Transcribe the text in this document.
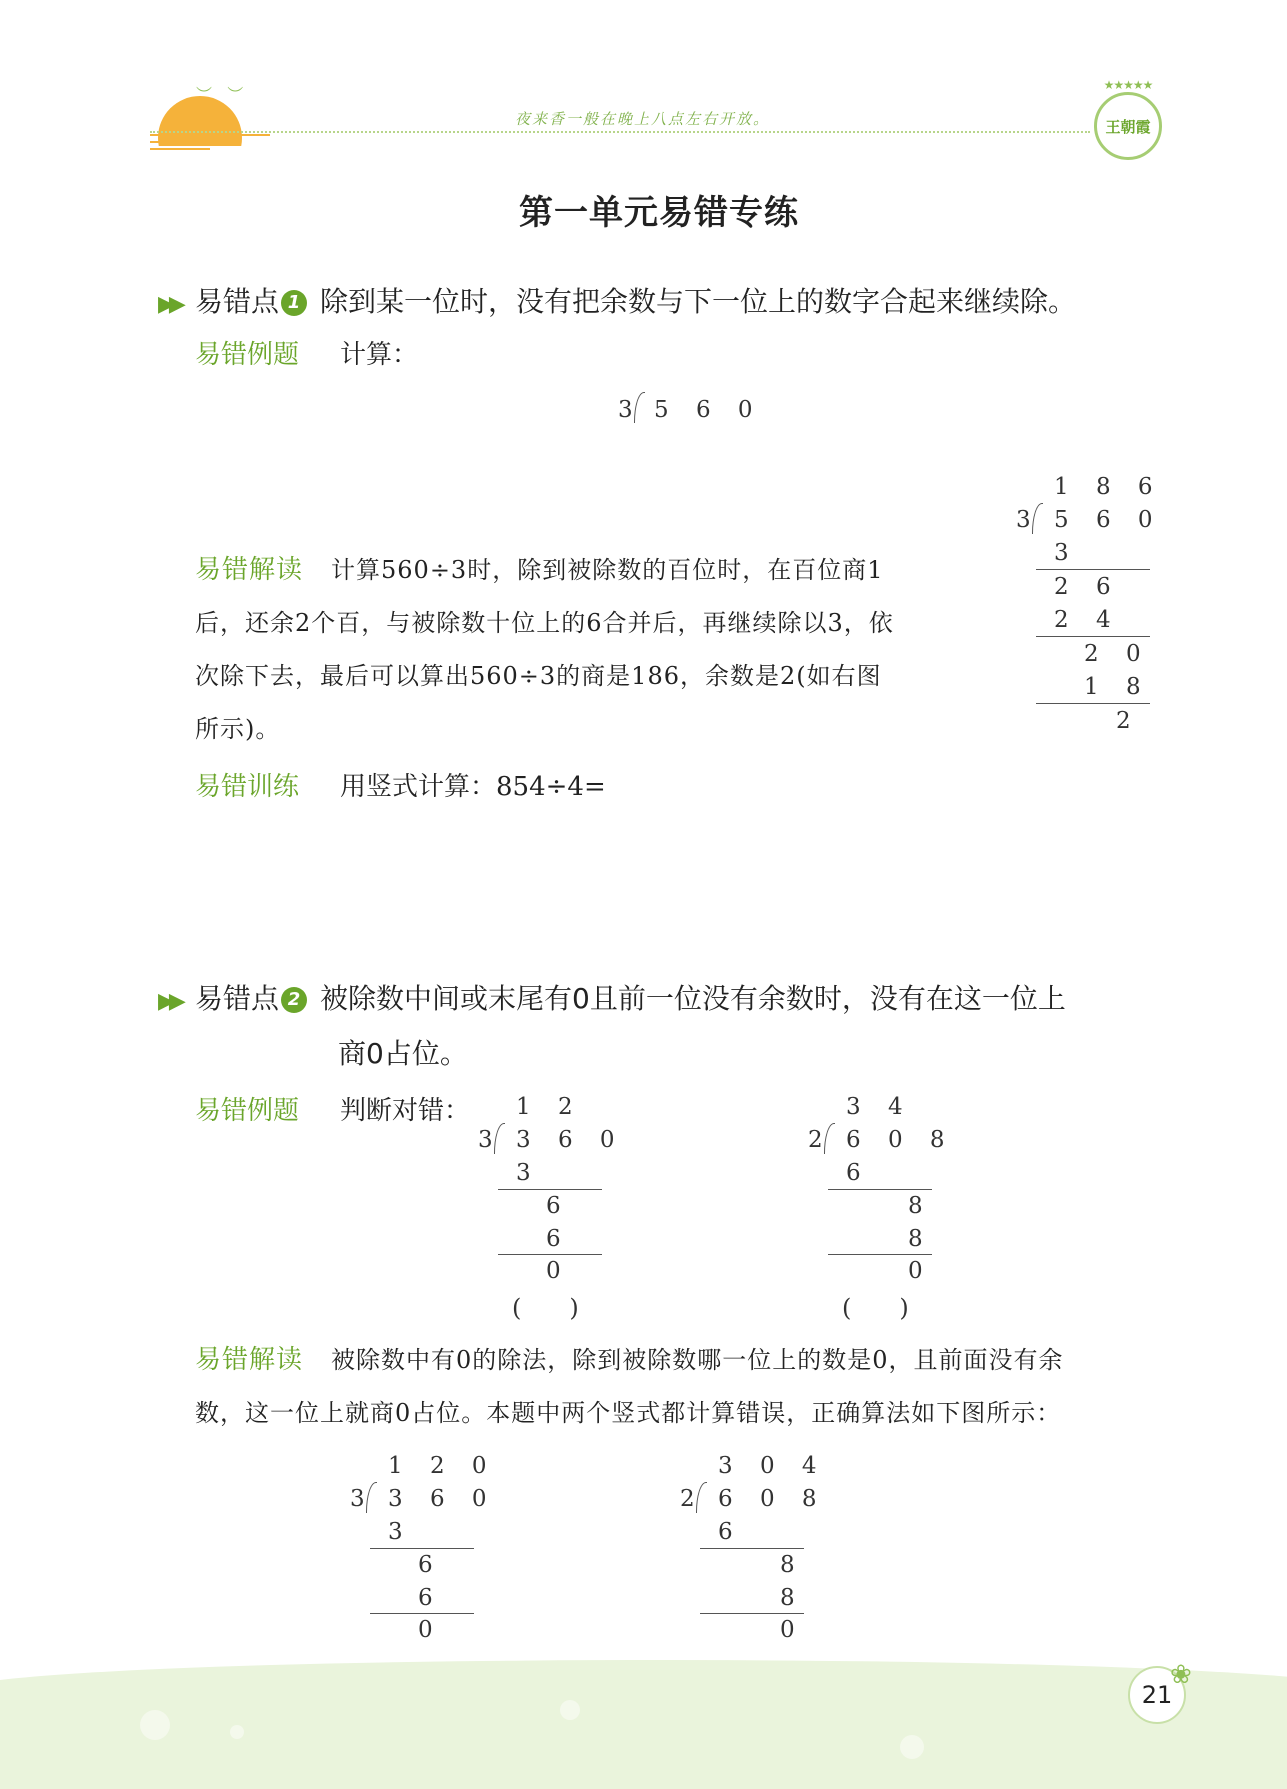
︶   ︶
夜来香一般在晚上八点左右开放。
★★★★★
王朝霞
第一单元易错专练
▶▶ 易错点 1 除到某一位时，没有把余数与下一位上的数字合起来继续除。
易错例题 计算：
3 5 6 0
1 8 6
3 5 6 0
3
2 6
2 4
2 0
1 8
2
易错解读 计算560÷3时，除到被除数的百位时，在百位商1
后，还余2个百，与被除数十位上的6合并后，再继续除以3，依
次除下去，最后可以算出560÷3的商是186，余数是2(如右图
所示)。
易错训练 用竖式计算：854÷4=
▶▶ 易错点 2 被除数中间或末尾有0且前一位没有余数时，没有在这一位上
商0占位。
易错例题 判断对错： 1 2
3 3 6 0
3
6
6
0
(　　)
3 4
2 6 0 8
6
8
8
0
(　　)
易错解读 被除数中有0的除法，除到被除数哪一位上的数是0，且前面没有余
数，这一位上就商0占位。本题中两个竖式都计算错误，正确算法如下图所示：
1 2 0
3 3 6 0
3
6
6
0
3 0 4
2 6 0 8
6
8
8
0
21
❀
